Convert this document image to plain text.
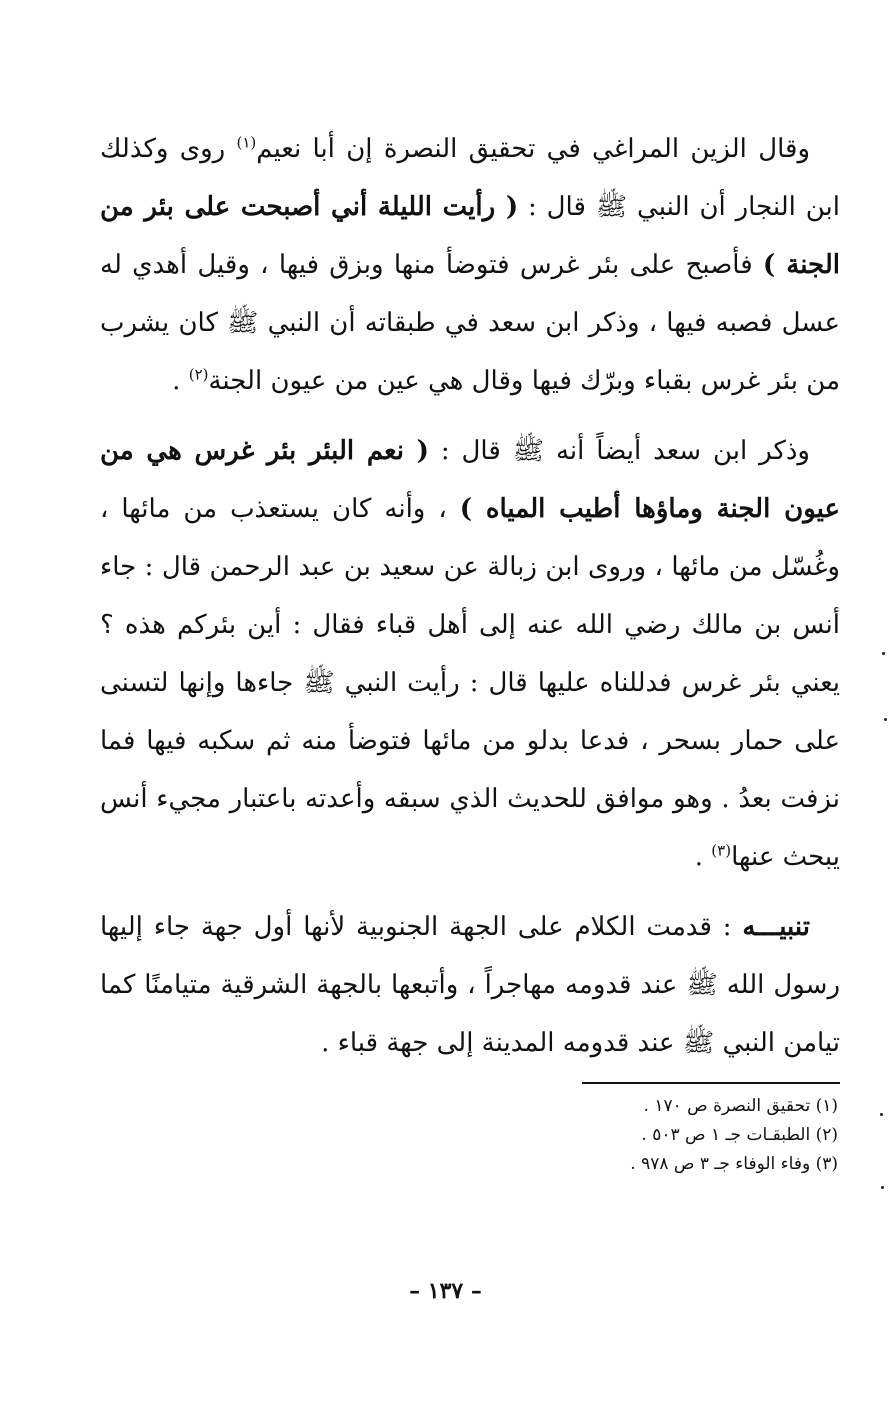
وقال الزين المراغي في تحقيق النصرة إن أبا نعيم$^{(١)}$ روى وكذلك ابن النجار أن النبي ﷺ قال : ( رأيت الليلة أني أصبحت على بئر من الجنة ) فأصبح على بئر غرس فتوضأ منها وبزق فيها ، وقيل أهدي له عسل فصبه فيها ، وذكر ابن سعد في طبقاته أن النبي ﷺ كان يشرب من بئر غرس بقباء وبرّك فيها وقال هي عين من عيون الجنة$^{(٢)}$ .

وذكر ابن سعد أيضاً أنه ﷺ قال : ( نعم البئر بئر غرس هي من عيون الجنة وماؤها أطيب المياه ) ، وأنه كان يستعذب من مائها ، وغُسّل من مائها ، وروى ابن زبالة عن سعيد بن عبد الرحمن قال : جاء أنس بن مالك رضي الله عنه إلى أهل قباء فقال : أين بئركم هذه ؟ يعني بئر غرس فدللناه عليها قال : رأيت النبي ﷺ جاءها وإنها لتسنى على حمار بسحر ، فدعا بدلو من مائها فتوضأ منه ثم سكبه فيها فما نزفت بعدُ . وهو موافق للحديث الذي سبقه وأعدته باعتبار مجيء أنس يبحث عنها$^{(٣)}$ .

تنبيـــه : قدمت الكلام على الجهة الجنوبية لأنها أول جهة جاء إليها رسول الله ﷺ عند قدومه مهاجراً ، وأتبعها بالجهة الشرقية متيامنًا كما تيامن النبي ﷺ عند قدومه المدينة إلى جهة قباء .

(١) تحقيق النصرة ص ١٧٠ .
(٢) الطبقـات جـ ١ ص ٥٠٣ .
(٣) وفاء الوفاء جـ ٣ ص ٩٧٨ .
– ١٣٧ –
